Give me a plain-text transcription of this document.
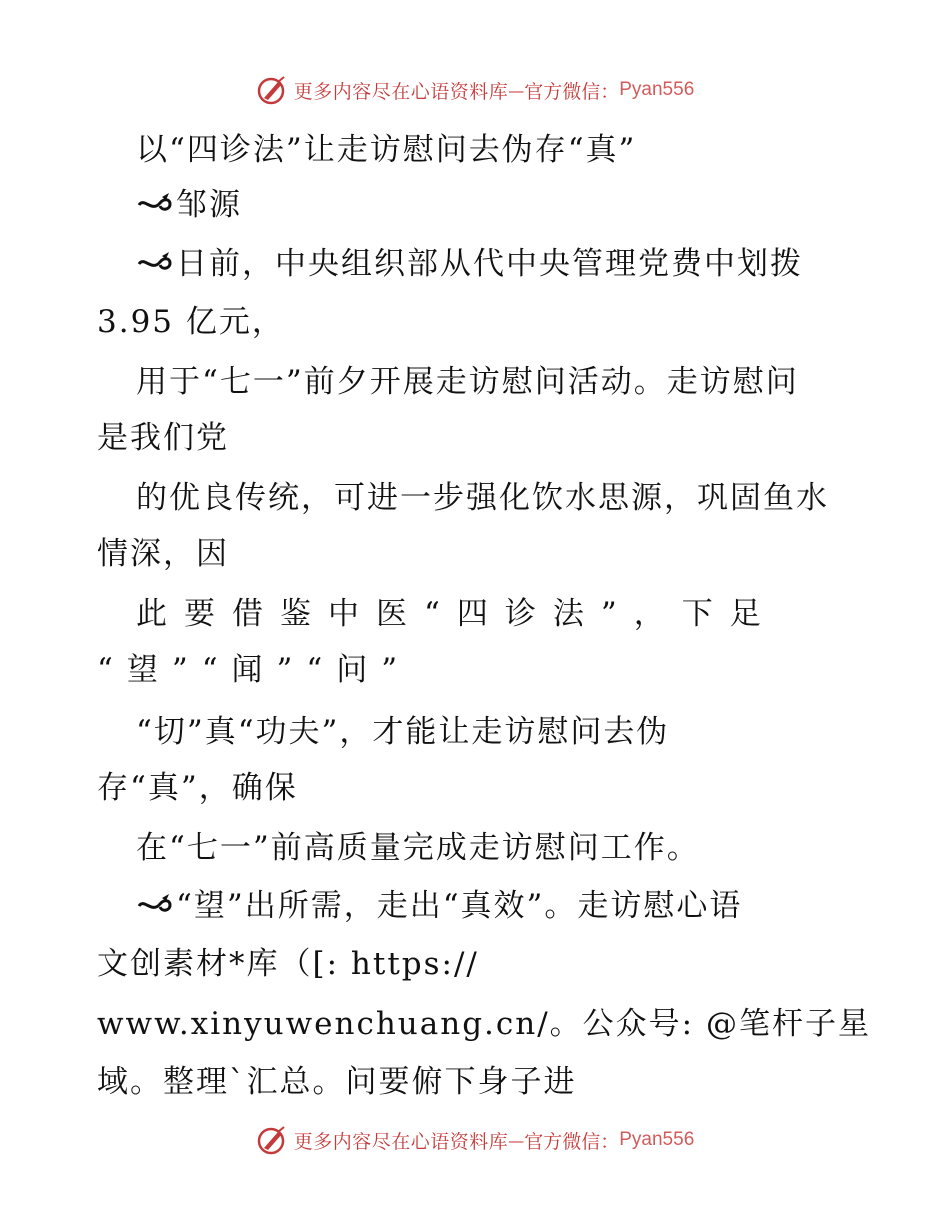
更多内容尽在心语资料库 — 官方微信： Pyan556
以“四诊法”让走访慰问去伪存“真”
邹源
日前，中央组织部从代中央管理党费中划拨
3.95 亿元，
用于“七一”前夕开展走访慰问活动。走访慰问
是我们党
的优良传统，可进一步强化饮水思源，巩固鱼水
情深，因
此要借鉴中医“四诊法”，下足
“望”“闻”“问”
“切”真“功夫”，才能让走访慰问去伪
存“真”，确保
在“七一”前高质量完成走访慰问工作。
“望”出所需，走出“真效”。走访慰心语
文创素材*库（[: https://
www.xinyuwenchuang.cn/。公众号: @笔杆子星
域。整理`汇总。问要俯下身子进
更多内容尽在心语资料库 — 官方微信： Pyan556
